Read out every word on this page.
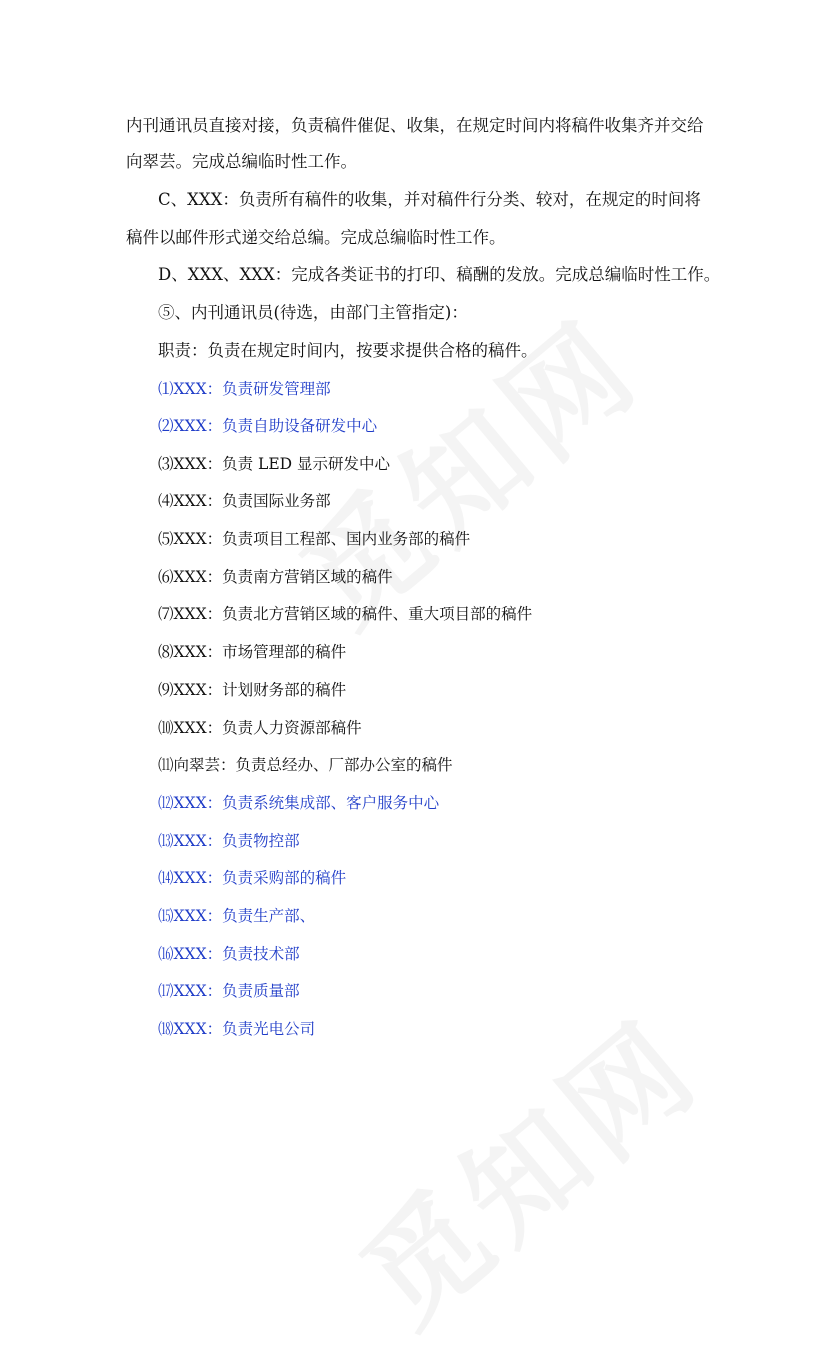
内刊通讯员直接对接，负责稿件催促、收集，在规定时间内将稿件收集齐并交给
向翠芸。完成总编临时性工作。
C、XXX：负责所有稿件的收集，并对稿件行分类、较对，在规定的时间将
稿件以邮件形式递交给总编。完成总编临时性工作。
D、XXX、XXX：完成各类证书的打印、稿酬的发放。完成总编临时性工作。
⑤、内刊通讯员(待选，由部门主管指定)：
职责：负责在规定时间内，按要求提供合格的稿件。
⑴XXX：负责研发管理部
⑵XXX：负责自助设备研发中心
⑶XXX：负责 LED 显示研发中心
⑷XXX：负责国际业务部
⑸XXX：负责项目工程部、国内业务部的稿件
⑹XXX：负责南方营销区域的稿件
⑺XXX：负责北方营销区域的稿件、重大项目部的稿件
⑻XXX：市场管理部的稿件
⑼XXX：计划财务部的稿件
⑽XXX：负责人力资源部稿件
⑾向翠芸：负责总经办、厂部办公室的稿件
⑿XXX：负责系统集成部、客户服务中心
⒀XXX：负责物控部
⒁XXX：负责采购部的稿件
⒂XXX：负责生产部、
⒃XXX：负责技术部
⒄XXX：负责质量部
⒅XXX：负责光电公司
